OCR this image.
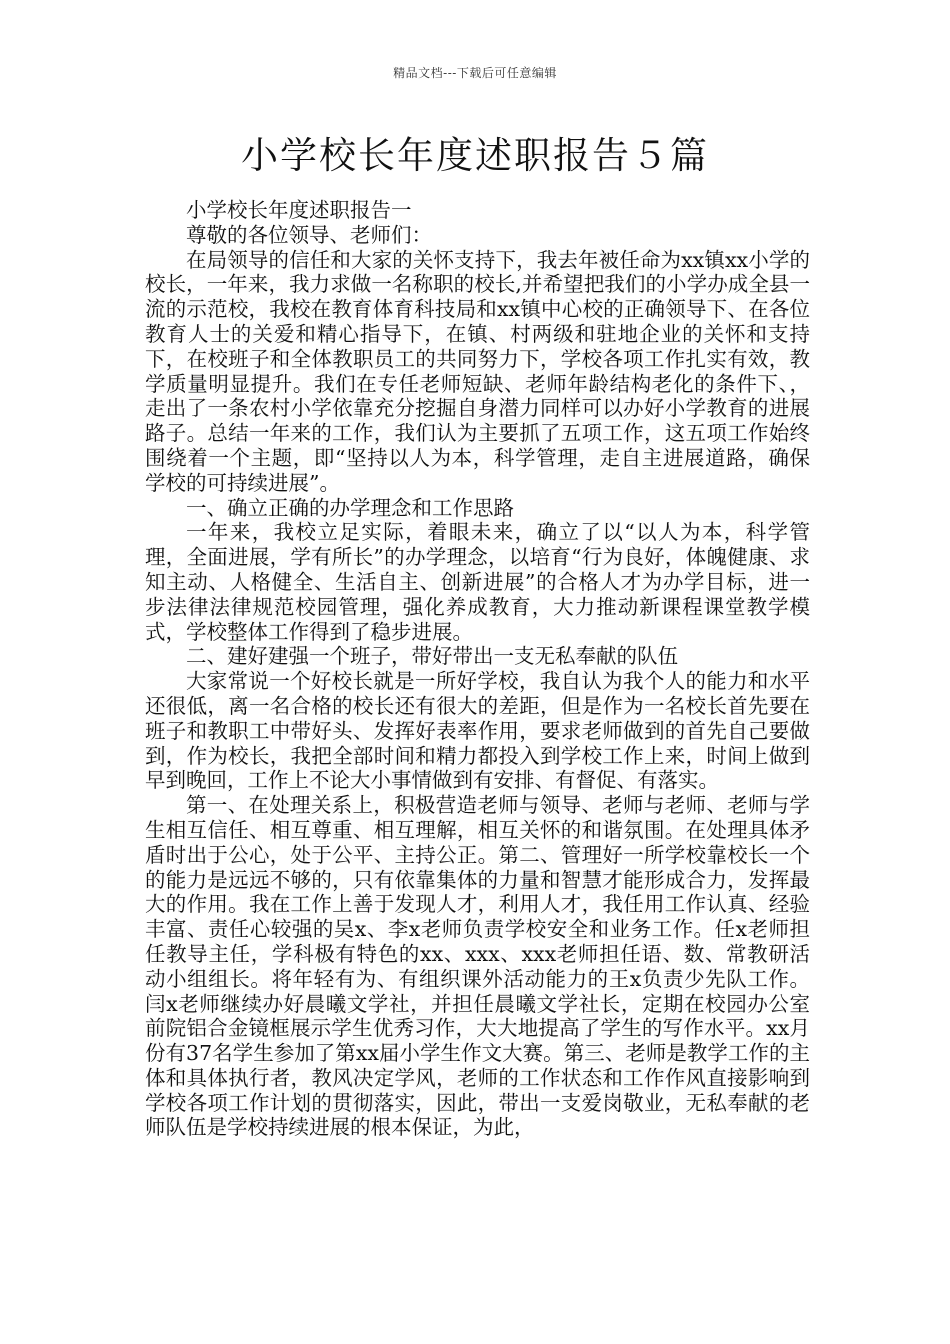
精品文档---下载后可任意编辑
小学校长年度述职报告５篇

小学校长年度述职报告一

尊敬的各位领导、老师们：

在局领导的信任和大家的关怀支持下，我去年被任命为xx镇xx小学的校长，一年来，我力求做一名称职的校长,并希望把我们的小学办成全县一流的示范校，我校在教育体育科技局和xx镇中心校的正确领导下、在各位教育人士的关爱和精心指导下，在镇、村两级和驻地企业的关怀和支持下，在校班子和全体教职员工的共同努力下，学校各项工作扎实有效，教学质量明显提升。我们在专任老师短缺、老师年龄结构老化的条件下、，走出了一条农村小学依靠充分挖掘自身潜力同样可以办好小学教育的进展路子。总结一年来的工作，我们认为主要抓了五项工作，这五项工作始终围绕着一个主题，即“坚持以人为本，科学管理，走自主进展道路，确保学校的可持续进展”。

一、确立正确的办学理念和工作思路

一年来，我校立足实际，着眼未来，确立了以“以人为本，科学管理，全面进展，学有所长”的办学理念，以培育“行为良好，体魄健康、求知主动、人格健全、生活自主、创新进展”的合格人才为办学目标，进一步法律法律规范校园管理，强化养成教育，大力推动新课程课堂教学模式，学校整体工作得到了稳步进展。

二、建好建强一个班子，带好带出一支无私奉献的队伍

大家常说一个好校长就是一所好学校，我自认为我个人的能力和水平还很低，离一名合格的校长还有很大的差距，但是作为一名校长首先要在班子和教职工中带好头、发挥好表率作用，要求老师做到的首先自己要做到，作为校长，我把全部时间和精力都投入到学校工作上来，时间上做到早到晚回，工作上不论大小事情做到有安排、有督促、有落实。

第一、在处理关系上，积极营造老师与领导、老师与老师、老师与学生相互信任、相互尊重、相互理解，相互关怀的和谐氛围。在处理具体矛盾时出于公心，处于公平、主持公正。第二、管理好一所学校靠校长一个的能力是远远不够的，只有依靠集体的力量和智慧才能形成合力，发挥最大的作用。我在工作上善于发现人才，利用人才，我任用工作认真、经验丰富、责任心较强的吴x、李x老师负责学校安全和业务工作。任x老师担任教导主任，学科极有特色的xx、xxx、xxx老师担任语、数、常教研活动小组组长。将年轻有为、有组织课外活动能力的王x负责少先队工作。闫x老师继续办好晨曦文学社，并担任晨曦文学社长，定期在校园办公室前院铝合金镜框展示学生优秀习作，大大地提高了学生的写作水平。xx月份有37名学生参加了第xx届小学生作文大赛。第三、老师是教学工作的主体和具体执行者，教风决定学风，老师的工作状态和工作作风直接影响到学校各项工作计划的贯彻落实，因此，带出一支爱岗敬业，无私奉献的老师队伍是学校持续进展的根本保证，为此，
